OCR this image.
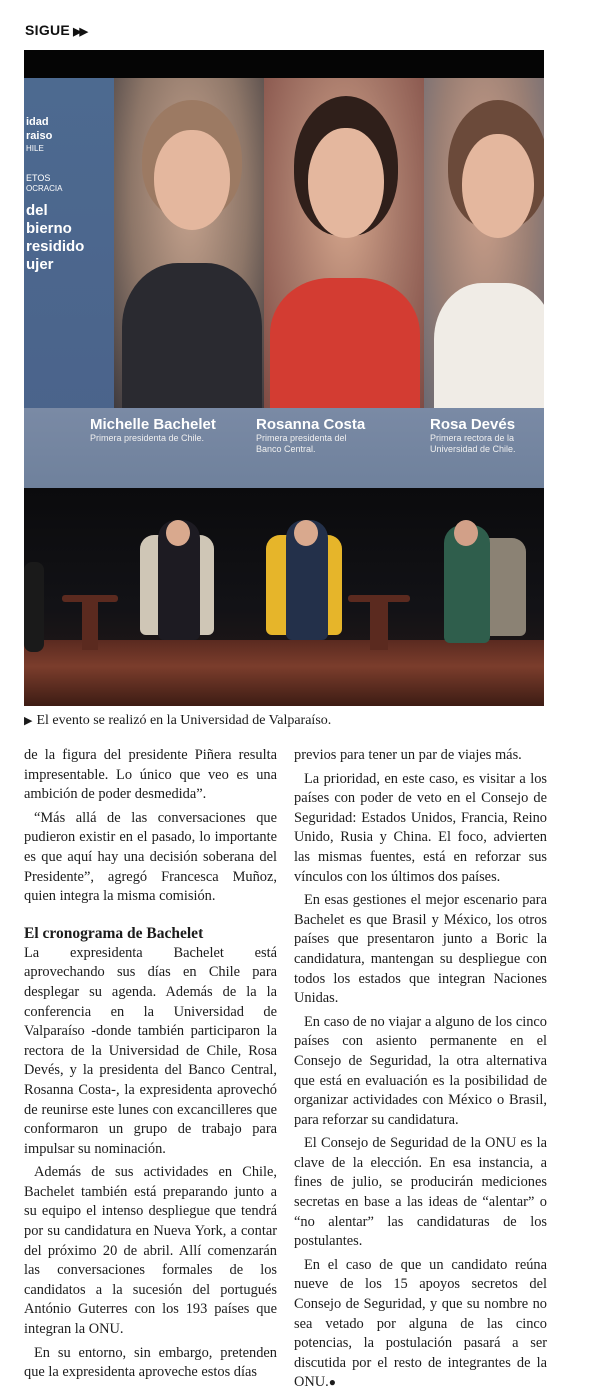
SIGUE ▶▶
idad
raiso
HILE
ETOS
OCRACIA
del
bierno
residido
ujer
Michelle Bachelet
Primera presidenta de Chile.
Rosanna Costa
Primera presidenta del Banco Central.
Rosa Devés
Primera rectora de la Universidad de Chile.
▶ El evento se realizó en la Universidad de Valparaíso.

de la figura del presidente Piñera resulta impresentable. Lo único que veo es una ambición de poder desmedida”.

“Más allá de las conversaciones que pudieron existir en el pasado, lo importante es que aquí hay una decisión soberana del Presidente”, agregó Francesca Muñoz, quien integra la misma comisión.

El cronograma de Bachelet

La expresidenta Bachelet está aprovechando sus días en Chile para desplegar su agenda. Además de la la conferencia en la Universidad de Valparaíso -donde también participaron la rectora de la Universidad de Chile, Rosa Devés, y la presidenta del Banco Central, Rosanna Costa-, la expresidenta aprovechó de reunirse este lunes con excancilleres que conformaron un grupo de trabajo para impulsar su nominación.

Además de sus actividades en Chile, Bachelet también está preparando junto a su equipo el intenso despliegue que tendrá por su candidatura en Nueva York, a contar del próximo 20 de abril. Allí comenzarán las conversaciones formales de los candidatos a la sucesión del portugués António Guterres con los 193 países que integran la ONU.

En su entorno, sin embargo, pretenden que la expresidenta aproveche estos días

previos para tener un par de viajes más.

La prioridad, en este caso, es visitar a los países con poder de veto en el Consejo de Seguridad: Estados Unidos, Francia, Reino Unido, Rusia y China. El foco, advierten las mismas fuentes, está en reforzar sus vínculos con los últimos dos países.

En esas gestiones el mejor escenario para Bachelet es que Brasil y México, los otros países que presentaron junto a Boric la candidatura, mantengan su despliegue con todos los estados que integran Naciones Unidas.

En caso de no viajar a alguno de los cinco países con asiento permanente en el Consejo de Seguridad, la otra alternativa que está en evaluación es la posibilidad de organizar actividades con México o Brasil, para reforzar su candidatura.

El Consejo de Seguridad de la ONU es la clave de la elección. En esa instancia, a fines de julio, se producirán mediciones secretas en base a las ideas de “alentar” o “no alentar” las candidaturas de los postulantes.

En el caso de que un candidato reúna nueve de los 15 apoyos secretos del Consejo de Seguridad, y que su nombre no sea vetado por alguna de las cinco potencias, la postulación pasará a ser discutida por el resto de integrantes de la ONU.●
